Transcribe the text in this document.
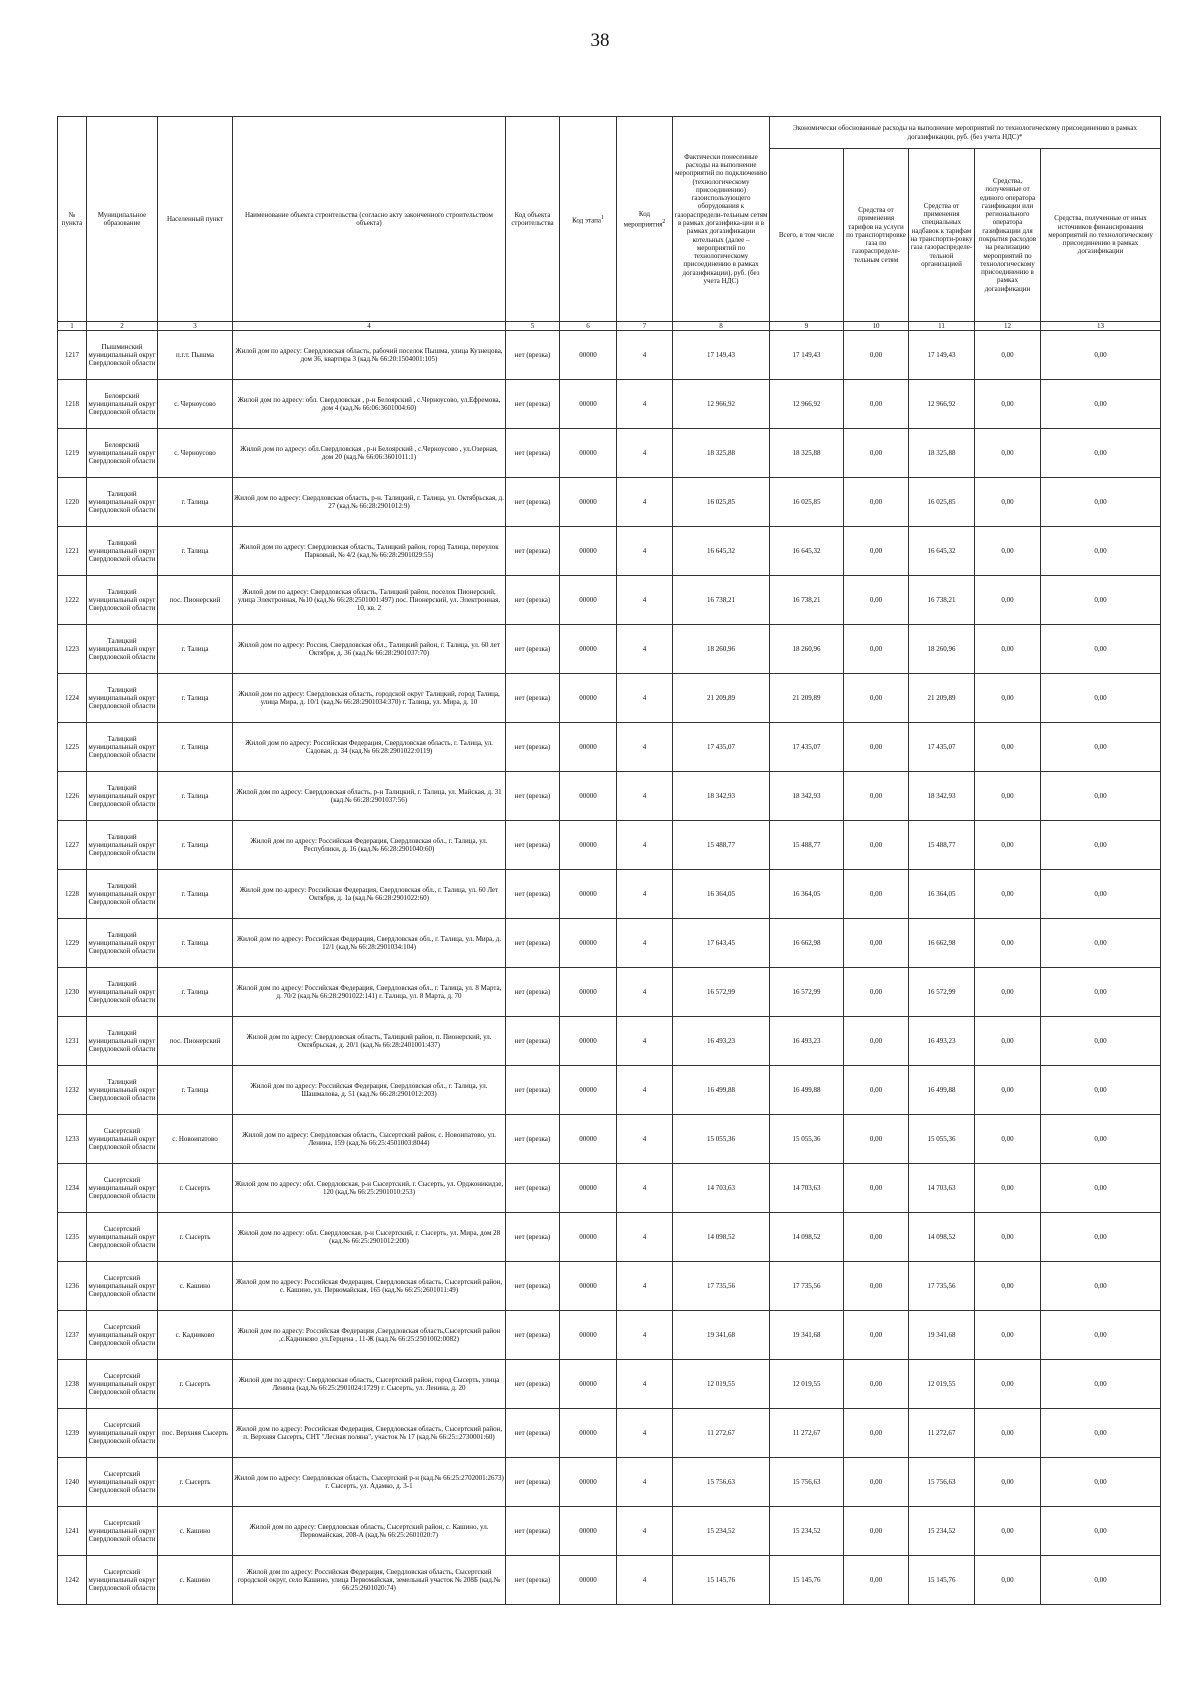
38
№ пункта	Муниципальное образование	Населенный пункт	Наименование объекта строительства (согласно акту законченного строительством объекта)	Код объекта строительства	Код этапа$^1$	Код мероприятия$^2$	Фактически понесенные расходы на выполнение мероприятий по подключению (технологическому присоединению) газоиспользующего оборудования к газораспредели-тельным сетям в рамках догазифика-ции и в рамках догазификации котельных (далее – мероприятий по технологическому присоединению в рамках догазификации), руб. (без учета НДС)	Экономически обоснованные расходы на выполнение мероприятий по технологическому присоединению в рамках догазификации, руб. (без учета НДС)*				
								Всего, в том числе	Средства от применения тарифов на услуги по транспортировке газа по газораспределе-тельным сетям	Средства от применения специальных надбавок к тарифам на транспорти-ровку газа газораспределе-тельной организацией	Средства, полученные от единого оператора газификации или регионального оператора газификации для покрытия расходов на реализацию мероприятий по технологическому присоединению в рамках догазификации	Средства, полученные от иных источников финансирования мероприятий по технологическому присоединению в рамках догазификации
1	2	3	4	5	6	7	8	9	10	11	12	13
1217	Пышминский муниципальный округ Свердловской области	п.г.т. Пышма	Жилой дом по адресу: Свердловская область, рабочий поселок Пышма, улица Кузнецова, дом 36, квартира 3 (кад.№ 66:20:1504001:105)	нет (врезка)	00000	4	17 149,43	17 149,43	0,00	17 149,43	0,00	0,00
1218	Белоярский муниципальный округ Свердловской области	с. Черноусово	Жилой дом по адресу: обл. Свердловская , р-н Белоярский , с.Черноусово, ул.Ефремова, дом 4 (кад.№ 66:06:3601004:60)	нет (врезка)	00000	4	12 966,92	12 966,92	0,00	12 966,92	0,00	0,00
1219	Белоярский муниципальный округ Свердловской области	с. Черноусово	Жилой дом по адресу: обл.Свердловская , р-н Белоярский , с.Черноусово , ул.Озерная, дом 20 (кад.№ 66:06:3601011:1)	нет (врезка)	00000	4	18 325,88	18 325,88	0,00	18 325,88	0,00	0,00
1220	Талицкий муниципальный округ Свердловской области	г. Талица	Жилой дом по адресу: Свердловская область, р-н. Талицкий, г. Талица, ул. Октябрьская, д. 27 (кад.№ 66:28:2901012:9)	нет (врезка)	00000	4	16 025,85	16 025,85	0,00	16 025,85	0,00	0,00
1221	Талицкий муниципальный округ Свердловской области	г. Талица	Жилой дом по адресу: Свердловская область, Талицкий район, город Талица, переулок Парковый, № 4/2 (кад.№ 66:28:2901029:55)	нет (врезка)	00000	4	16 645,32	16 645,32	0,00	16 645,32	0,00	0,00
1222	Талицкий муниципальный округ Свердловской области	пос. Пионерский	Жилой дом по адресу: Свердловская область, Талицкий район, поселок Пионерский, улица Электронная, №10 (кад.№ 66:28:2501001:497) пос. Пионерский, ул. Электронная, 10, кв. 2	нет (врезка)	00000	4	16 738,21	16 738,21	0,00	16 738,21	0,00	0,00
1223	Талицкий муниципальный округ Свердловской области	г. Талица	Жилой дом по адресу: Россия, Свердловская обл., Талицкий район, г. Талица, ул. 60 лет Октября, д. 36 (кад.№ 66:28:2901037:70)	нет (врезка)	00000	4	18 260,96	18 260,96	0,00	18 260,96	0,00	0,00
1224	Талицкий муниципальный округ Свердловской области	г. Талица	Жилой дом по адресу: Свердловская область, городской округ Талицкий, город Талица, улица Мира, д. 10/1 (кад.№ 66:28:2901034:370) г. Талица, ул. Мира, д. 10	нет (врезка)	00000	4	21 209,89	21 209,89	0,00	21 209,89	0,00	0,00
1225	Талицкий муниципальный округ Свердловской области	г. Талица	Жилой дом по адресу: Российская Федерация, Свердловская область, г. Талица, ул. Садовая, д. 34 (кад.№ 66:28:2901022:0119)	нет (врезка)	00000	4	17 435,07	17 435,07	0,00	17 435,07	0,00	0,00
1226	Талицкий муниципальный округ Свердловской области	г. Талица	Жилой дом по адресу: Свердловская область, р-н Талицкий, г. Талица, ул. Майская, д. 31 (кад.№ 66:28:2901037:56)	нет (врезка)	00000	4	18 342,93	18 342,93	0,00	18 342,93	0,00	0,00
1227	Талицкий муниципальный округ Свердловской области	г. Талица	Жилой дом по адресу: Российская Федерация, Свердловская обл., г. Талица, ул. Республики, д. 16 (кад.№ 66:28:2901040:60)	нет (врезка)	00000	4	15 488,77	15 488,77	0,00	15 488,77	0,00	0,00
1228	Талицкий муниципальный округ Свердловской области	г. Талица	Жилой дом по адресу: Российская Федерация, Свердловская обл., г. Талица, ул. 60 Лет Октября, д. 1а (кад.№ 66:28:2901022:60)	нет (врезка)	00000	4	16 364,05	16 364,05	0,00	16 364,05	0,00	0,00
1229	Талицкий муниципальный округ Свердловской области	г. Талица	Жилой дом по адресу: Российская Федерация, Свердловская обл., г. Талица, ул. Мира, д. 12/1 (кад.№ 66:28:2901034:104)	нет (врезка)	00000	4	17 643,45	16 662,98	0,00	16 662,98	0,00	0,00
1230	Талицкий муниципальный округ Свердловской области	г. Талица	Жилой дом по адресу: Российская Федерация, Свердловская обл., г. Талица, ул. 8 Марта, д. 70/2 (кад.№ 66:28:2901022:141) г. Талица, ул. 8 Марта, д. 70	нет (врезка)	00000	4	16 572,99	16 572,99	0,00	16 572,99	0,00	0,00
1231	Талицкий муниципальный округ Свердловской области	пос. Пионерский	Жилой дом по адресу: Свердловская область, Талицкий район, п. Пионерский, ул. Октябрьская, д. 20/1 (кад.№ 66:28:2401001:437)	нет (врезка)	00000	4	16 493,23	16 493,23	0,00	16 493,23	0,00	0,00
1232	Талицкий муниципальный округ Свердловской области	г. Талица	Жилой дом по адресу: Российская Федерация, Свердловская обл., г. Талица, ул. Шашмалова, д. 51 (кад.№ 66:28:2901012:203)	нет (врезка)	00000	4	16 499,88	16 499,88	0,00	16 499,88	0,00	0,00
1233	Сысертский муниципальный округ Свердловской области	с. Новоипатово	Жилой дом по адресу: Свердловская область, Сысертский район, с. Новоипатово, ул. Ленина, 159 (кад.№ 66:25:4501003:8044)	нет (врезка)	00000	4	15 055,36	15 055,36	0,00	15 055,36	0,00	0,00
1234	Сысертский муниципальный округ Свердловской области	г. Сысерть	Жилой дом по адресу: обл. Свердловская, р-н Сысертский, г. Сысерть, ул. Орджоникидзе, 120 (кад.№ 66:25:2901010:253)	нет (врезка)	00000	4	14 703,63	14 703,63	0,00	14 703,63	0,00	0,00
1235	Сысертский муниципальный округ Свердловской области	г. Сысерть	Жилой дом по адресу: обл. Свердловская, р-н Сысертский, г. Сысерть, ул. Мира, дом 28 (кад.№ 66:25:2901012:200)	нет (врезка)	00000	4	14 098,52	14 098,52	0,00	14 098,52	0,00	0,00
1236	Сысертский муниципальный округ Свердловской области	с. Кашино	Жилой дом по адресу: Российская Федерация, Свердловская область, Сысертский район, с. Кашино, ул. Первомайская, 165 (кад.№ 66:25:2601011:49)	нет (врезка)	00000	4	17 735,56	17 735,56	0,00	17 735,56	0,00	0,00
1237	Сысертский муниципальный округ Свердловской области	с. Кадниково	Жилой дом по адресу: Российская Федерация ,Свердловская область,Сысертский район ,с.Кадниково ,ул.Герцена , 11-Ж (кад.№ 66:25:2501002:0082)	нет (врезка)	00000	4	19 341,68	19 341,68	0,00	19 341,68	0,00	0,00
1238	Сысертский муниципальный округ Свердловской области	г. Сысерть	Жилой дом по адресу: Свердловская область, Сысертский район, город Сысерть, улица Ленина (кад.№ 66:25:2901024:1729) г. Сысерть, ул. Ленина, д. 20	нет (врезка)	00000	4	12 019,55	12 019,55	0,00	12 019,55	0,00	0,00
1239	Сысертский муниципальный округ Свердловской области	пос. Верхняя Сысерть	Жилой дом по адресу: Российская Федерация, Свердловская область, Сысертский район, п. Верхняя Сысерть, СНТ "Лесная поляна", участок № 17 (кад.№ 66:25::2730001:60)	нет (врезка)	00000	4	11 272,67	11 272,67	0,00	11 272,67	0,00	0,00
1240	Сысертский муниципальный округ Свердловской области	г. Сысерть	Жилой дом по адресу: Свердловская область, Сысертский р-н (кад.№ 66:25:2702001:2673) г. Сысерть, ул. Адамко, д. 3-1	нет (врезка)	00000	4	15 756,63	15 756,63	0,00	15 756,63	0,00	0,00
1241	Сысертский муниципальный округ Свердловской области	с. Кашино	Жилой дом по адресу: Свердловская область, Сысертский район, с. Кашино, ул. Первомайская, 208-А (кад.№ 66:25:2601020:7)	нет (врезка)	00000	4	15 234,52	15 234,52	0,00	15 234,52	0,00	0,00
1242	Сысертский муниципальный округ Свердловской области	с. Кашино	Жилой дом по адресу: Российская Федерация, Свердловская область, Сысертский городской округ, село Кашино, улица Первомайская, земельный участок № 208Б (кад.№ 66:25:2601020:74)	нет (врезка)	00000	4	15 145,76	15 145,76	0,00	15 145,76	0,00	0,00
